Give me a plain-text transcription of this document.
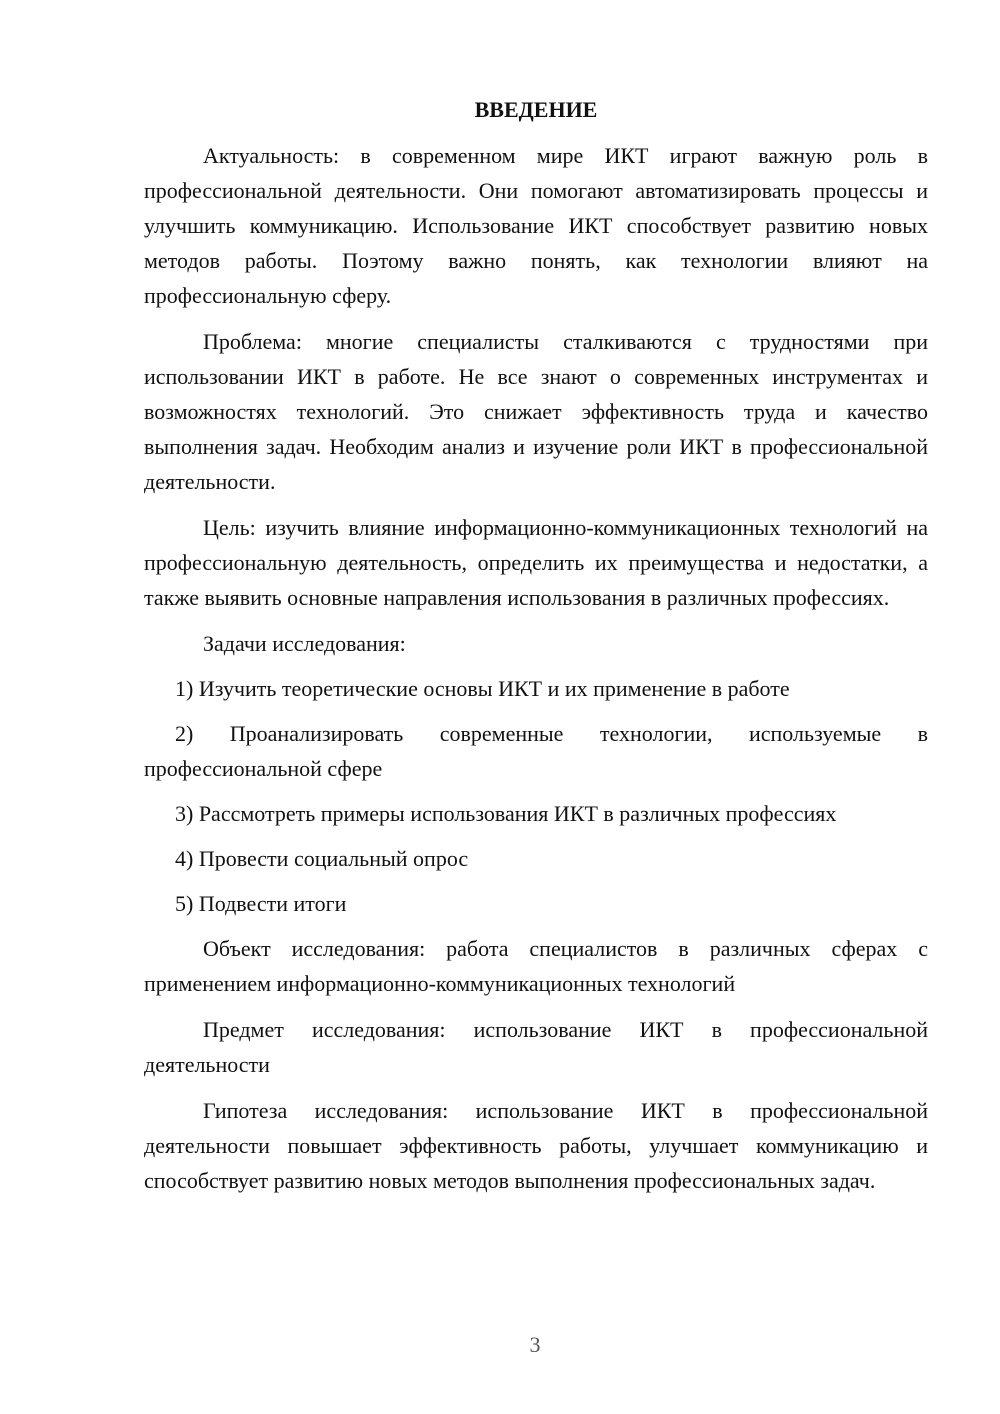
ВВЕДЕНИЕ

Актуальность: в современном мире ИКТ играют важную роль в профессиональной деятельности. Они помогают автоматизировать процессы и улучшить коммуникацию. Использование ИКТ способствует развитию новых методов работы. Поэтому важно понять, как технологии влияют на профессиональную сферу.

Проблема: многие специалисты сталкиваются с трудностями при использовании ИКТ в работе. Не все знают о современных инструментах и возможностях технологий. Это снижает эффективность труда и качество выполнения задач. Необходим анализ и изучение роли ИКТ в профессиональной деятельности.

Цель: изучить влияние информационно-коммуникационных технологий на профессиональную деятельность, определить их преимущества и недостатки, а также выявить основные направления использования в различных профессиях.

Задачи исследования:

1) Изучить теоретические основы ИКТ и их применение в работе

2) Проанализировать современные технологии, используемые в профессиональной сфере

3) Рассмотреть примеры использования ИКТ в различных профессиях

4) Провести социальный опрос

5) Подвести итоги

Объект исследования: работа специалистов в различных сферах с применением информационно-коммуникационных технологий

Предмет исследования: использование ИКТ в профессиональной деятельности

Гипотеза исследования: использование ИКТ в профессиональной деятельности повышает эффективность работы, улучшает коммуникацию и способствует развитию новых методов выполнения профессиональных задач.

3
